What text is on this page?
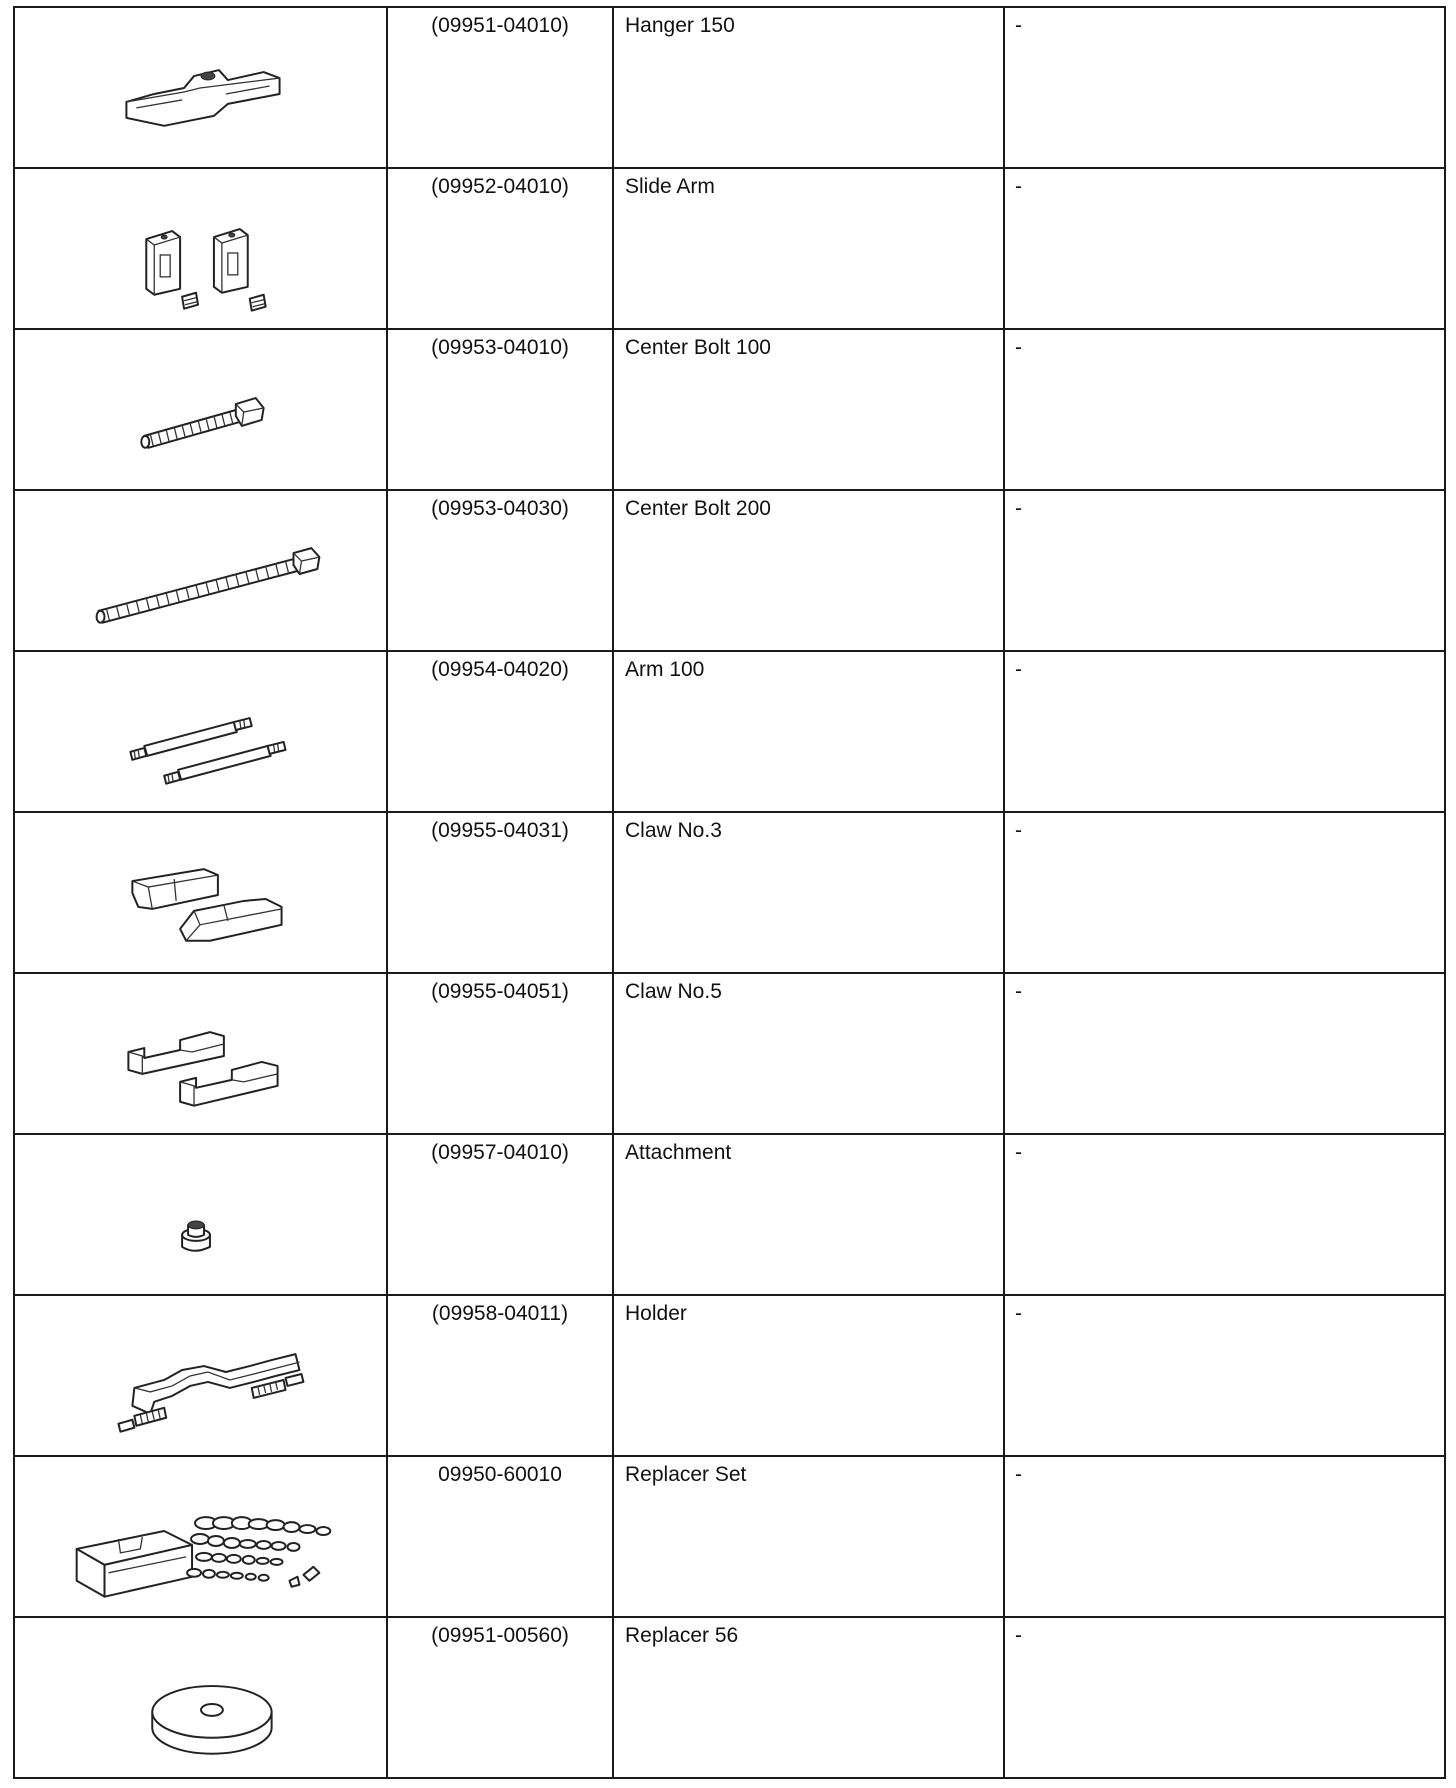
(09951-04010)	Hanger 150	-

(09952-04010)	Slide Arm	-

(09953-04010)	Center Bolt 100	-

(09953-04030)	Center Bolt 200	-

(09954-04020)	Arm 100	-

(09955-04031)	Claw No.3	-

(09955-04051)	Claw No.5	-

(09957-04010)	Attachment	-

(09958-04011)	Holder	-

09950-60010	Replacer Set	-

(09951-00560)	Replacer 56	-
